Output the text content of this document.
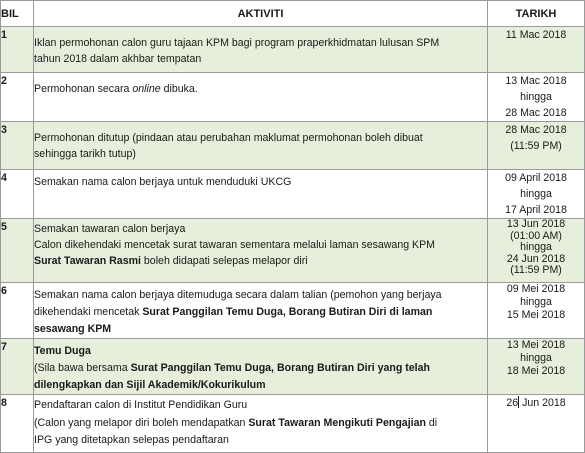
BIL	AKTIVITI	TARIKH
1	Iklan permohonan calon guru tajaan KPM bagi program praperkhidmatan lulusan SPM
tahun 2018 dalam akhbar tempatan	11 Mac 2018

2	Permohonan secara online dibuka.	13 Mac 2018
hingga
28 Mac 2018

3	Permohonan ditutup (pindaan atau perubahan maklumat permohonan boleh dibuat
sehingga tarikh tutup)	28 Mac 2018
(11:59 PM)

4	Semakan nama calon berjaya untuk menduduki UKCG	09 April 2018
hingga
17 April 2018

5	Semakan tawaran calon berjaya
Calon dikehendaki mencetak surat tawaran sementara melalui laman sesawang KPM
Surat Tawaran Rasmi boleh didapati selepas melapor diri	13 Jun 2018
(01:00 AM)
hingga
24 Jun 2018
(11:59 PM)

6	Semakan nama calon berjaya ditemuduga secara dalam talian (pemohon yang berjaya
dikehendaki mencetak Surat Panggilan Temu Duga, Borang Butiran Diri di laman
sesawang KPM	09 Mei 2018
hingga
15 Mei 2018

7	Temu Duga
(Sila bawa bersama Surat Panggilan Temu Duga, Borang Butiran Diri yang telah
dilengkapkan dan Sijil Akademik/Kokurikulum	13 Mei 2018
hingga
18 Mei 2018

8	Pendaftaran calon di Institut Pendidikan Guru
(Calon yang melapor diri boleh mendapatkan Surat Tawaran Mengikuti Pengajian di
IPG yang ditetapkan selepas pendaftaran	26 Jun 2018
